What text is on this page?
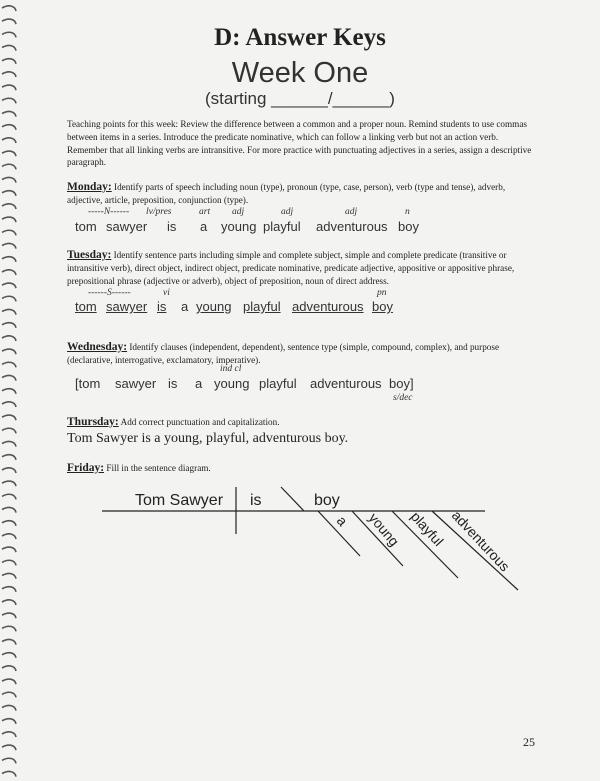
D: Answer Keys
Week One
(starting ______/______)
Teaching points for this week: Review the difference between a common and a proper noun. Remind students to use commas between items in a series. Introduce the predicate nominative, which can follow a linking verb but not an action verb. Remember that all linking verbs are intransitive. For more practice with punctuating adjectives in a series, assign a descriptive paragraph.
Monday: Identify parts of speech including noun (type), pronoun (type, case, person), verb (type and tense), adverb, adjective, article, preposition, conjunction (type).
-----N------ lv/pres	art adj	adj	adj	n
tom sawyer is a young playful adventurous boy
Tuesday: Identify sentence parts including simple and complete subject, simple and complete predicate (transitive or intransitive verb), direct object, indirect object, predicate nominative, predicate adjective, appositive or appositive phrase, prepositional phrase (adjective or adverb), object of preposition, noun of direct address.
------S------	vi	pn
tom sawyer is a young playful adventurous boy
Wednesday: Identify clauses (independent, dependent), sentence type (simple, compound, complex), and purpose (declarative, interrogative, exclamatory, imperative).
ind cl
[tom sawyer is a young playful adventurous boy]
s/dec
Thursday: Add correct punctuation and capitalization.
Tom Sawyer is a young, playful, adventurous boy.
Friday: Fill in the sentence diagram.
Tom Sawyer is	boy
a young playful adventurous
25
